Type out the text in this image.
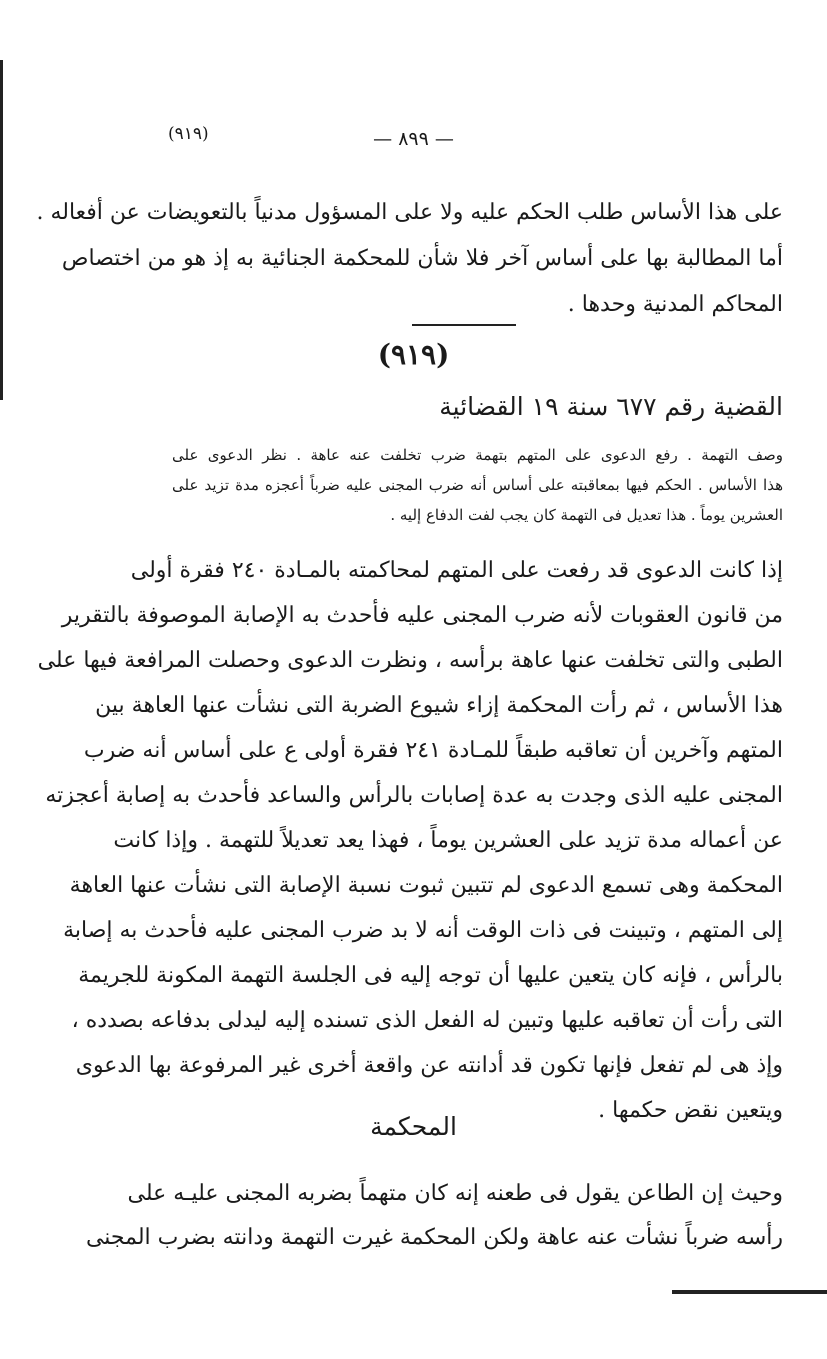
(٩١٩)	— ٨٩٩ —
على هذا الأساس طلب الحكم عليه ولا على المسؤول مدنياً بالتعويضات عن أفعاله .
أما المطالبة بها على أساس آخر فلا شأن للمحكمة الجنائية به إذ هو من اختصاص
المحاكم المدنية وحدها .
(٩١٩)
القضية رقم ٦٧٧ سنة ١٩ القضائية
وصف التهمة . رفع الدعوى على المتهم بتهمة ضرب تخلفت عنه عاهة . نظر الدعوى على
هذا الأساس . الحكم فيها بمعاقبته على أساس أنه ضرب المجنى عليه ضرباً أعجزه مدة تزيد على
العشرين يوماً . هذا تعديل فى التهمة كان يجب لفت الدفاع إليه .
إذا كانت الدعوى قد رفعت على المتهم لمحاكمته بالمـادة ٢٤٠ فقرة أولى
من قانون العقوبات لأنه ضرب المجنى عليه فأحدث به الإصابة الموصوفة بالتقرير
الطبى والتى تخلفت عنها عاهة برأسه ، ونظرت الدعوى وحصلت المرافعة فيها على
هذا الأساس ، ثم رأت المحكمة إزاء شيوع الضربة التى نشأت عنها العاهة بين
المتهم وآخرين أن تعاقبه طبقاً للمـادة ٢٤١ فقرة أولى ع على أساس أنه ضرب
المجنى عليه الذى وجدت به عدة إصابات بالرأس والساعد فأحدث به إصابة أعجزته
عن أعماله مدة تزيد على العشرين يوماً ، فهذا يعد تعديلاً للتهمة . وإذا كانت
المحكمة وهى تسمع الدعوى لم تتبين ثبوت نسبة الإصابة التى نشأت عنها العاهة
إلى المتهم ، وتبينت فى ذات الوقت أنه لا بد ضرب المجنى عليه فأحدث به إصابة
بالرأس ، فإنه كان يتعين عليها أن توجه إليه فى الجلسة التهمة المكونة للجريمة
التى رأت أن تعاقبه عليها وتبين له الفعل الذى تسنده إليه ليدلى بدفاعه بصدده ،
وإذ هى لم تفعل فإنها تكون قد أدانته عن واقعة أخرى غير المرفوعة بها الدعوى
ويتعين نقض حكمها .
المحكمة
وحيث إن الطاعن يقول فى طعنه إنه كان متهماً بضربه المجنى عليـه على
رأسه ضرباً نشأت عنه عاهة ولكن المحكمة غيرت التهمة ودانته بضرب المجنى
